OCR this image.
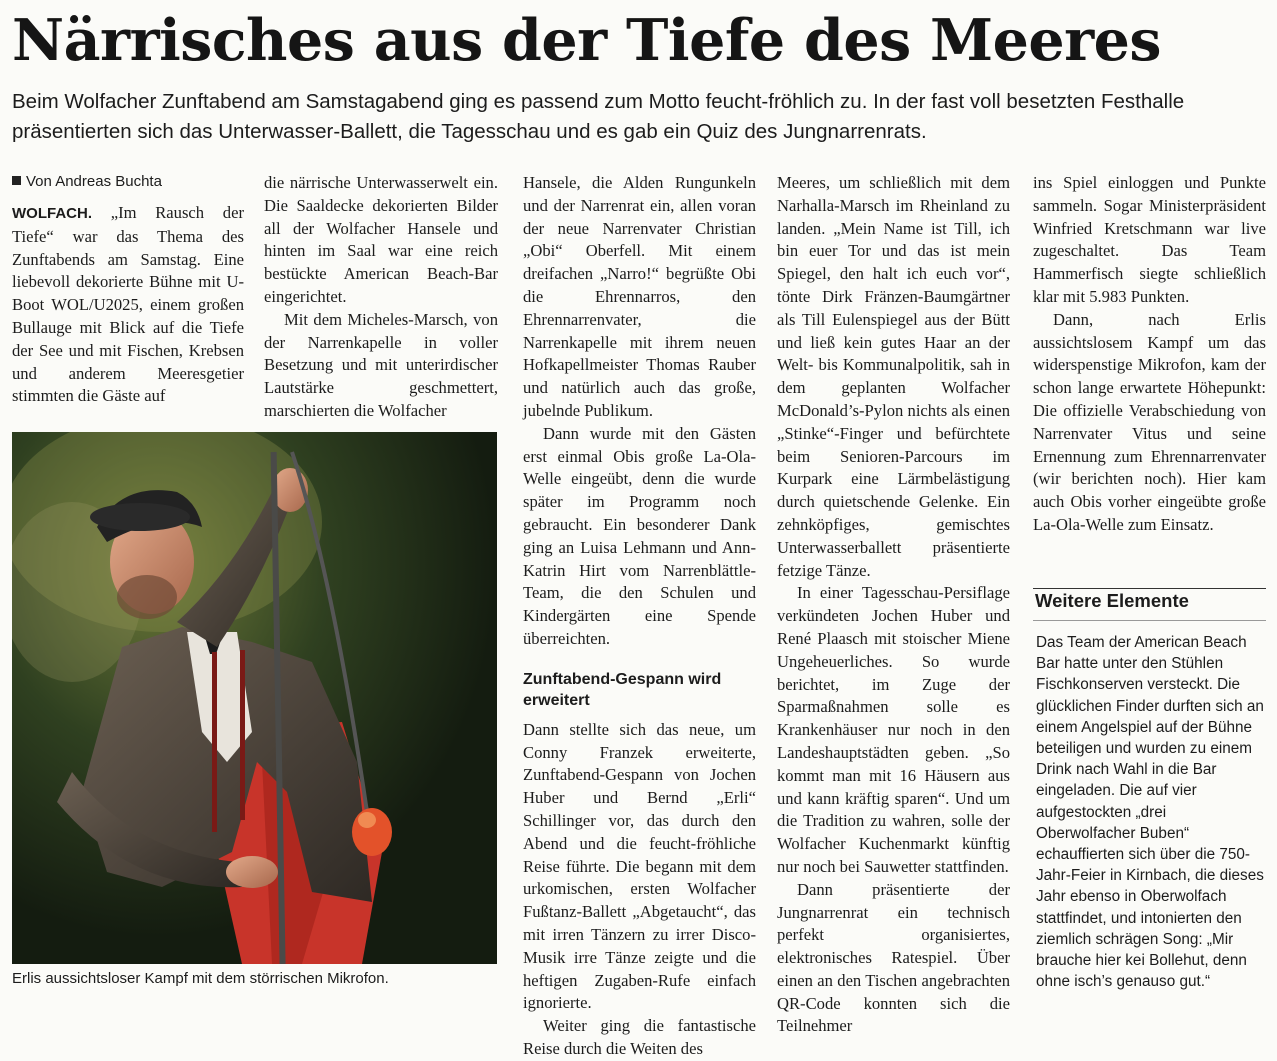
Närrisches aus der Tiefe des Meeres

Beim Wolfacher Zunftabend am Samstagabend ging es passend zum Motto feucht-fröhlich zu. In der fast voll besetzten Festhalle präsentierten sich das Unterwasser-Ballett, die Tagesschau und es gab ein Quiz des Jungnarrenrats.

Von Andreas Buchta

WOLFACH. „Im Rausch der Tiefe“ war das Thema des Zunftabends am Samstag. Eine liebevoll dekorierte Bühne mit U-Boot WOL/U2025, einem großen Bullauge mit Blick auf die Tiefe der See und mit Fischen, Krebsen und anderem Meeresgetier stimmten die Gäste auf

Erlis aussichtsloser Kampf mit dem störrischen Mikrofon.

die närrische Unterwasserwelt ein. Die Saaldecke dekorierten Bilder all der Wolfacher Hansele und hinten im Saal war eine reich bestückte American Beach-Bar eingerichtet.

Mit dem Micheles-Marsch, von der Narrenkapelle in voller Besetzung und mit unterirdischer Lautstärke geschmettert, marschierten die Wolfacher

Hansele, die Alden Rungunkeln und der Narrenrat ein, allen voran der neue Narrenvater Christian „Obi“ Oberfell. Mit einem dreifachen „Narro!“ begrüßte Obi die Ehrennarros, den Ehrennarrenvater, die Narrenkapelle mit ihrem neuen Hofkapellmeister Thomas Rauber und natürlich auch das große, jubelnde Publikum.

Dann wurde mit den Gästen erst einmal Obis große La-Ola-Welle eingeübt, denn die wurde später im Programm noch gebraucht. Ein besonderer Dank ging an Luisa Lehmann und Ann-Katrin Hirt vom Narrenblättle-Team, die den Schulen und Kindergärten eine Spende überreichten.

Zunftabend-Gespann wird erweitert

Dann stellte sich das neue, um Conny Franzek erweiterte, Zunftabend-Gespann von Jochen Huber und Bernd „Erli“ Schillinger vor, das durch den Abend und die feucht-fröhliche Reise führte. Die begann mit dem urkomischen, ersten Wolfacher Fußtanz-Ballett „Abgetaucht“, das mit irren Tänzern zu irrer Disco-Musik irre Tänze zeigte und die heftigen Zugaben-Rufe einfach ignorierte.

Weiter ging die fantastische Reise durch die Weiten des

Meeres, um schließlich mit dem Narhalla-Marsch im Rheinland zu landen. „Mein Name ist Till, ich bin euer Tor und das ist mein Spiegel, den halt ich euch vor“, tönte Dirk Fränzen-Baumgärtner als Till Eulenspiegel aus der Bütt und ließ kein gutes Haar an der Welt- bis Kommunalpolitik, sah in dem geplanten Wolfacher McDonald’s-Pylon nichts als einen „Stinke“-Finger und befürchtete beim Senioren-Parcours im Kurpark eine Lärmbelästigung durch quietschende Gelenke. Ein zehnköpfiges, gemischtes Unterwasserballett präsentierte fetzige Tänze.

In einer Tagesschau-Persiflage verkündeten Jochen Huber und René Plaasch mit stoischer Miene Ungeheuerliches. So wurde berichtet, im Zuge der Sparmaßnahmen solle es Krankenhäuser nur noch in den Landeshauptstädten geben. „So kommt man mit 16 Häusern aus und kann kräftig sparen“. Und um die Tradition zu wahren, solle der Wolfacher Kuchenmarkt künftig nur noch bei Sauwetter stattfinden.

Dann präsentierte der Jungnarrenrat ein technisch perfekt organisiertes, elektronisches Ratespiel. Über einen an den Tischen angebrachten QR-Code konnten sich die Teilnehmer

ins Spiel einloggen und Punkte sammeln. Sogar Ministerpräsident Winfried Kretschmann war live zugeschaltet. Das Team Hammerfisch siegte schließlich klar mit 5.983 Punkten.

Dann, nach Erlis aussichtslosem Kampf um das widerspenstige Mikrofon, kam der schon lange erwartete Höhepunkt: Die offizielle Verabschiedung von Narrenvater Vitus und seine Ernennung zum Ehrennarrenvater (wir berichten noch). Hier kam auch Obis vorher eingeübte große La-Ola-Welle zum Einsatz.

Weitere Elemente

Das Team der American Beach Bar hatte unter den Stühlen Fischkonserven versteckt. Die glücklichen Finder durften sich an einem Angelspiel auf der Bühne beteiligen und wurden zu einem Drink nach Wahl in die Bar eingeladen. Die auf vier aufgestockten „drei Oberwolfacher Buben“ echauffierten sich über die 750-Jahr-Feier in Kirnbach, die dieses Jahr ebenso in Oberwolfach stattfindet, und intonierten den ziemlich schrägen Song: „Mir brauche hier kei Bollehut, denn ohne isch’s genauso gut.“
